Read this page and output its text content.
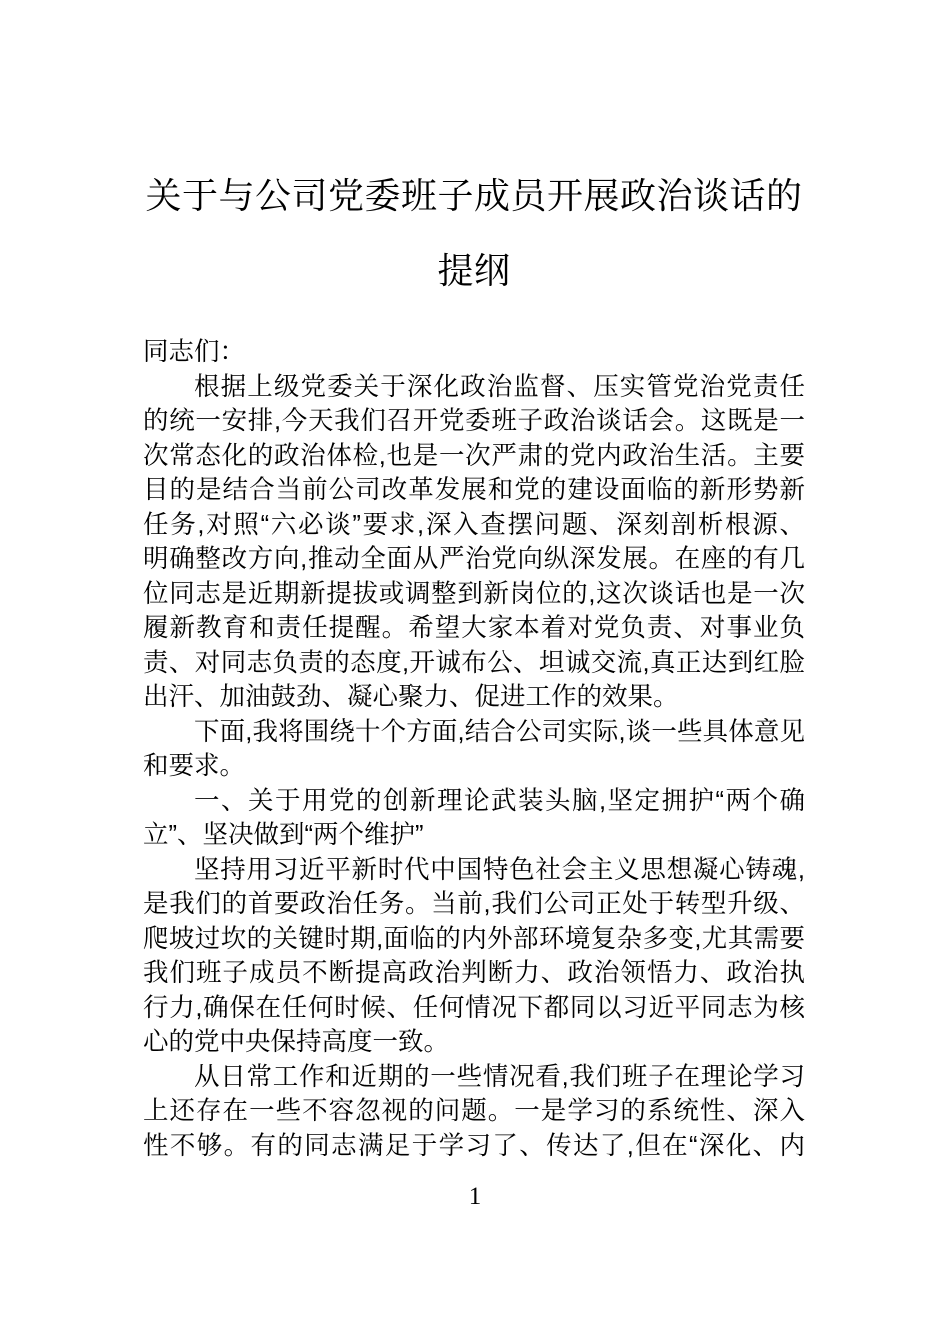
关于与公司党委班子成员开展政治谈话的
提纲
同志们：
根据上级党委关于深化政治监督、压实管党治党责任
的统一安排,今天我们召开党委班子政治谈话会。这既是一
次常态化的政治体检,也是一次严肃的党内政治生活。主要
目的是结合当前公司改革发展和党的建设面临的新形势新
任务,对照“六必谈”要求,深入查摆问题、深刻剖析根源、
明确整改方向,推动全面从严治党向纵深发展。在座的有几
位同志是近期新提拔或调整到新岗位的,这次谈话也是一次
履新教育和责任提醒。希望大家本着对党负责、对事业负
责、对同志负责的态度,开诚布公、坦诚交流,真正达到红脸
出汗、加油鼓劲、凝心聚力、促进工作的效果。
下面,我将围绕十个方面,结合公司实际,谈一些具体意见
和要求。
一、关于用党的创新理论武装头脑,坚定拥护“两个确
立”、坚决做到“两个维护”
坚持用习近平新时代中国特色社会主义思想凝心铸魂,
是我们的首要政治任务。当前,我们公司正处于转型升级、
爬坡过坎的关键时期,面临的内外部环境复杂多变,尤其需要
我们班子成员不断提高政治判断力、政治领悟力、政治执
行力,确保在任何时候、任何情况下都同以习近平同志为核
心的党中央保持高度一致。
从日常工作和近期的一些情况看,我们班子在理论学习
上还存在一些不容忽视的问题。一是学习的系统性、深入
性不够。有的同志满足于学习了、传达了,但在“深化、内
1
